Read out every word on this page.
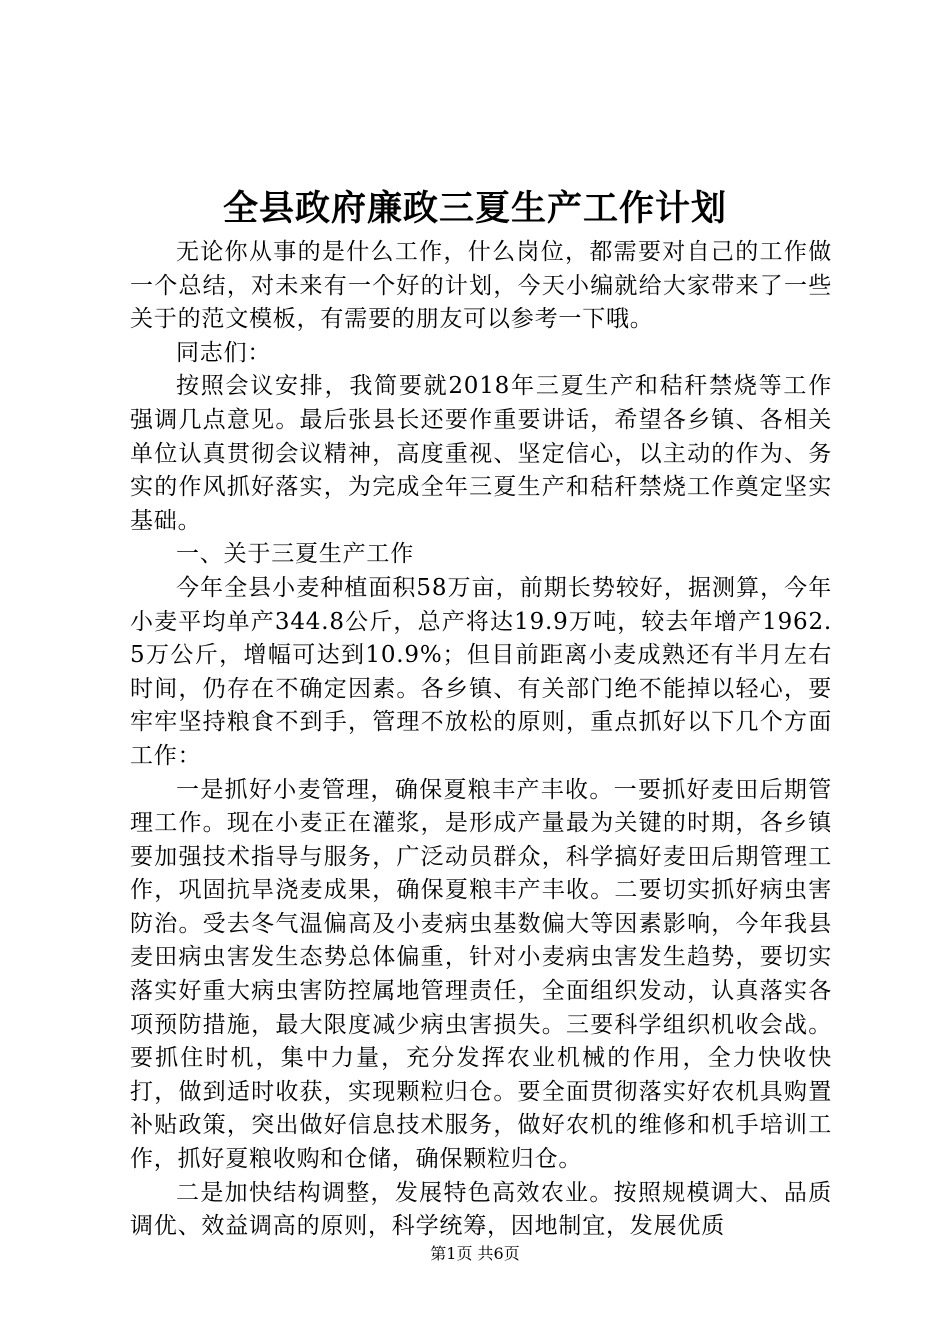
全县政府廉政三夏生产工作计划

无论你从事的是什么工作，什么岗位，都需要对自己的工作做一个总结，对未来有一个好的计划，今天小编就给大家带来了一些关于的范文模板，有需要的朋友可以参考一下哦。

同志们：

按照会议安排，我简要就2018年三夏生产和秸秆禁烧等工作强调几点意见。最后张县长还要作重要讲话，希望各乡镇、各相关单位认真贯彻会议精神，高度重视、坚定信心，以主动的作为、务实的作风抓好落实，为完成全年三夏生产和秸秆禁烧工作奠定坚实基础。

一、关于三夏生产工作

今年全县小麦种植面积58万亩，前期长势较好，据测算，今年小麦平均单产344.8公斤，总产将达19.9万吨，较去年增产1962.5万公斤，增幅可达到10.9%；但目前距离小麦成熟还有半月左右时间，仍存在不确定因素。各乡镇、有关部门绝不能掉以轻心，要牢牢坚持粮食不到手，管理不放松的原则，重点抓好以下几个方面工作：

一是抓好小麦管理，确保夏粮丰产丰收。一要抓好麦田后期管理工作。现在小麦正在灌浆，是形成产量最为关键的时期，各乡镇要加强技术指导与服务，广泛动员群众，科学搞好麦田后期管理工作，巩固抗旱浇麦成果，确保夏粮丰产丰收。二要切实抓好病虫害防治。受去冬气温偏高及小麦病虫基数偏大等因素影响，今年我县麦田病虫害发生态势总体偏重，针对小麦病虫害发生趋势，要切实落实好重大病虫害防控属地管理责任，全面组织发动，认真落实各项预防措施，最大限度减少病虫害损失。三要科学组织机收会战。要抓住时机，集中力量，充分发挥农业机械的作用，全力快收快打，做到适时收获，实现颗粒归仓。要全面贯彻落实好农机具购置补贴政策，突出做好信息技术服务，做好农机的维修和机手培训工作，抓好夏粮收购和仓储，确保颗粒归仓。

二是加快结构调整，发展特色高效农业。按照规模调大、品质调优、效益调高的原则，科学统筹，因地制宜，发展优质

第1页 共6页
